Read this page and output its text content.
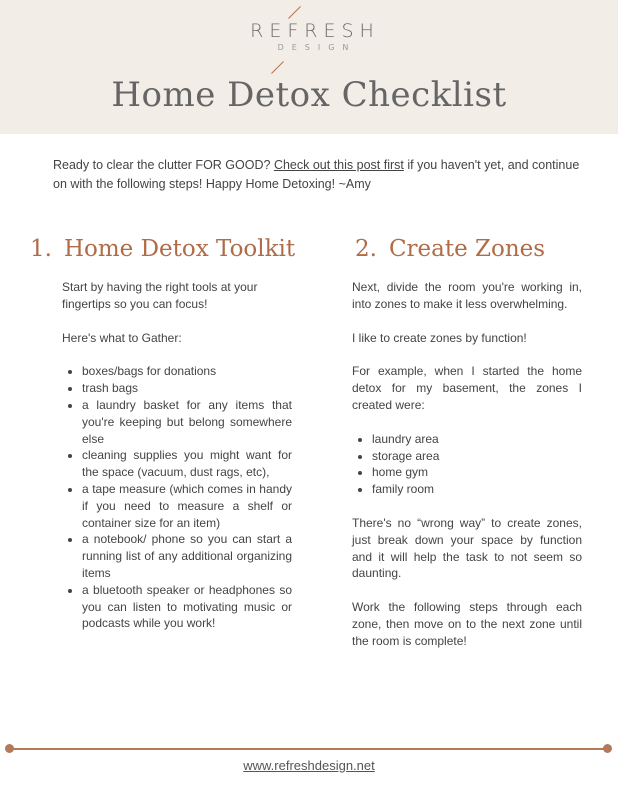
REFRESH
DESIGN
Home Detox Checklist
Ready to clear the clutter FOR GOOD? Check out this post first if you haven't yet, and continue on with the following steps! Happy Home Detoxing! ~Amy
1. Home Detox Toolkit	2. Create Zones

Start by having the right tools at your fingertips so you can focus!

Here's what to Gather:

• boxes/bags for donations
• trash bags
• a laundry basket for any items that you're keeping but belong somewhere else
• cleaning supplies you might want for the space (vacuum, dust rags, etc),
• a tape measure (which comes in handy if you need to measure a shelf or container size for an item)
• a notebook/ phone so you can start a running list of any additional organizing items
• a bluetooth speaker or headphones so you can listen to motivating music or podcasts while you work!

Next, divide the room you're working in, into zones to make it less overwhelming.

I like to create zones by function!

For example, when I started the home detox for my basement, the zones I created were:

• laundry area
• storage area
• home gym
• family room

There's no “wrong way” to create zones, just break down your space by function and it will help the task to not seem so daunting.

Work the following steps through each zone, then move on to the next zone until the room is complete!

www.refreshdesign.net
